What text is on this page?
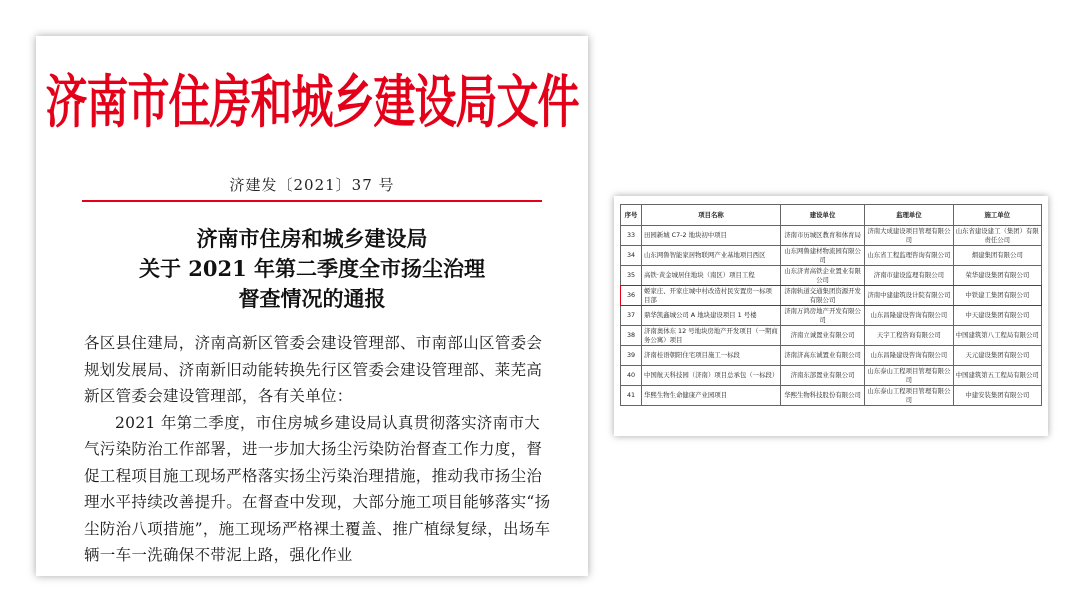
济南市住房和城乡建设局文件
济建发〔2021〕37 号
济南市住房和城乡建设局
关于 2021 年第二季度全市扬尘治理
督查情况的通报

各区县住建局，济南高新区管委会建设管理部、市南部山区管委会规划发展局、济南新旧动能转换先行区管委会建设管理部、莱芜高新区管委会建设管理部，各有关单位：

2021 年第二季度，市住房城乡建设局认真贯彻落实济南市大气污染防治工作部署，进一步加大扬尘污染防治督查工作力度，督促工程项目施工现场严格落实扬尘污染治理措施，推动我市扬尘治理水平持续改善提升。在督查中发现，大部分施工项目能够落实“扬尘防治八项措施”，施工现场严格裸土覆盖、推广植绿复绿，出场车辆一车一洗确保不带泥上路，强化作业

序号	项目名称	建设单位	监理单位	施工单位
33	田园新城 C7-2 地块初中项目	济南市历城区教育和体育局	济南大成建设项目管理有限公司	山东省建设建工（集团）有限责任公司
34	山东网鲁智能家居物联网产业基地项目西区	山东网鲁建材物流园有限公司	山东省工程监理咨询有限公司	烟建集团有限公司
35	高铁·黄金城居住地块（南区）项目工程	山东济青高铁企业置业有限公司	济南市建设监理有限公司	荣华建设集团有限公司
36	姬家庄、开家庄城中村改造村民安置房一标项目部	济南轨道交通集团资源开发有限公司	济南中建建筑设计院有限公司	中铁建工集团有限公司
37	鼎华凯鑫城公司 A 地块建设项目 1 号楼	济南万鸿房地产开发有限公司	山东昌隆建设咨询有限公司	中天建设集团有限公司
38	济南奥体东 12 号地块房地产开发项目（一期商务公寓）项目	济南立诚置业有限公司	天宇工程咨询有限公司	中国建筑第八工程局有限公司
39	济南桂语朝阳住宅项目施工一标段	济南济高东诚置业有限公司	山东昌隆建设咨询有限公司	天元建设集团有限公司
40	中国航天科技园（济南）项目总承包（一标段）	济南东部置业有限公司	山东泰山工程项目管理有限公司	中国建筑第五工程局有限公司
41	华熙生物生命健康产业园项目	华熙生物科技股份有限公司	山东泰山工程项目管理有限公司	中建安装集团有限公司
